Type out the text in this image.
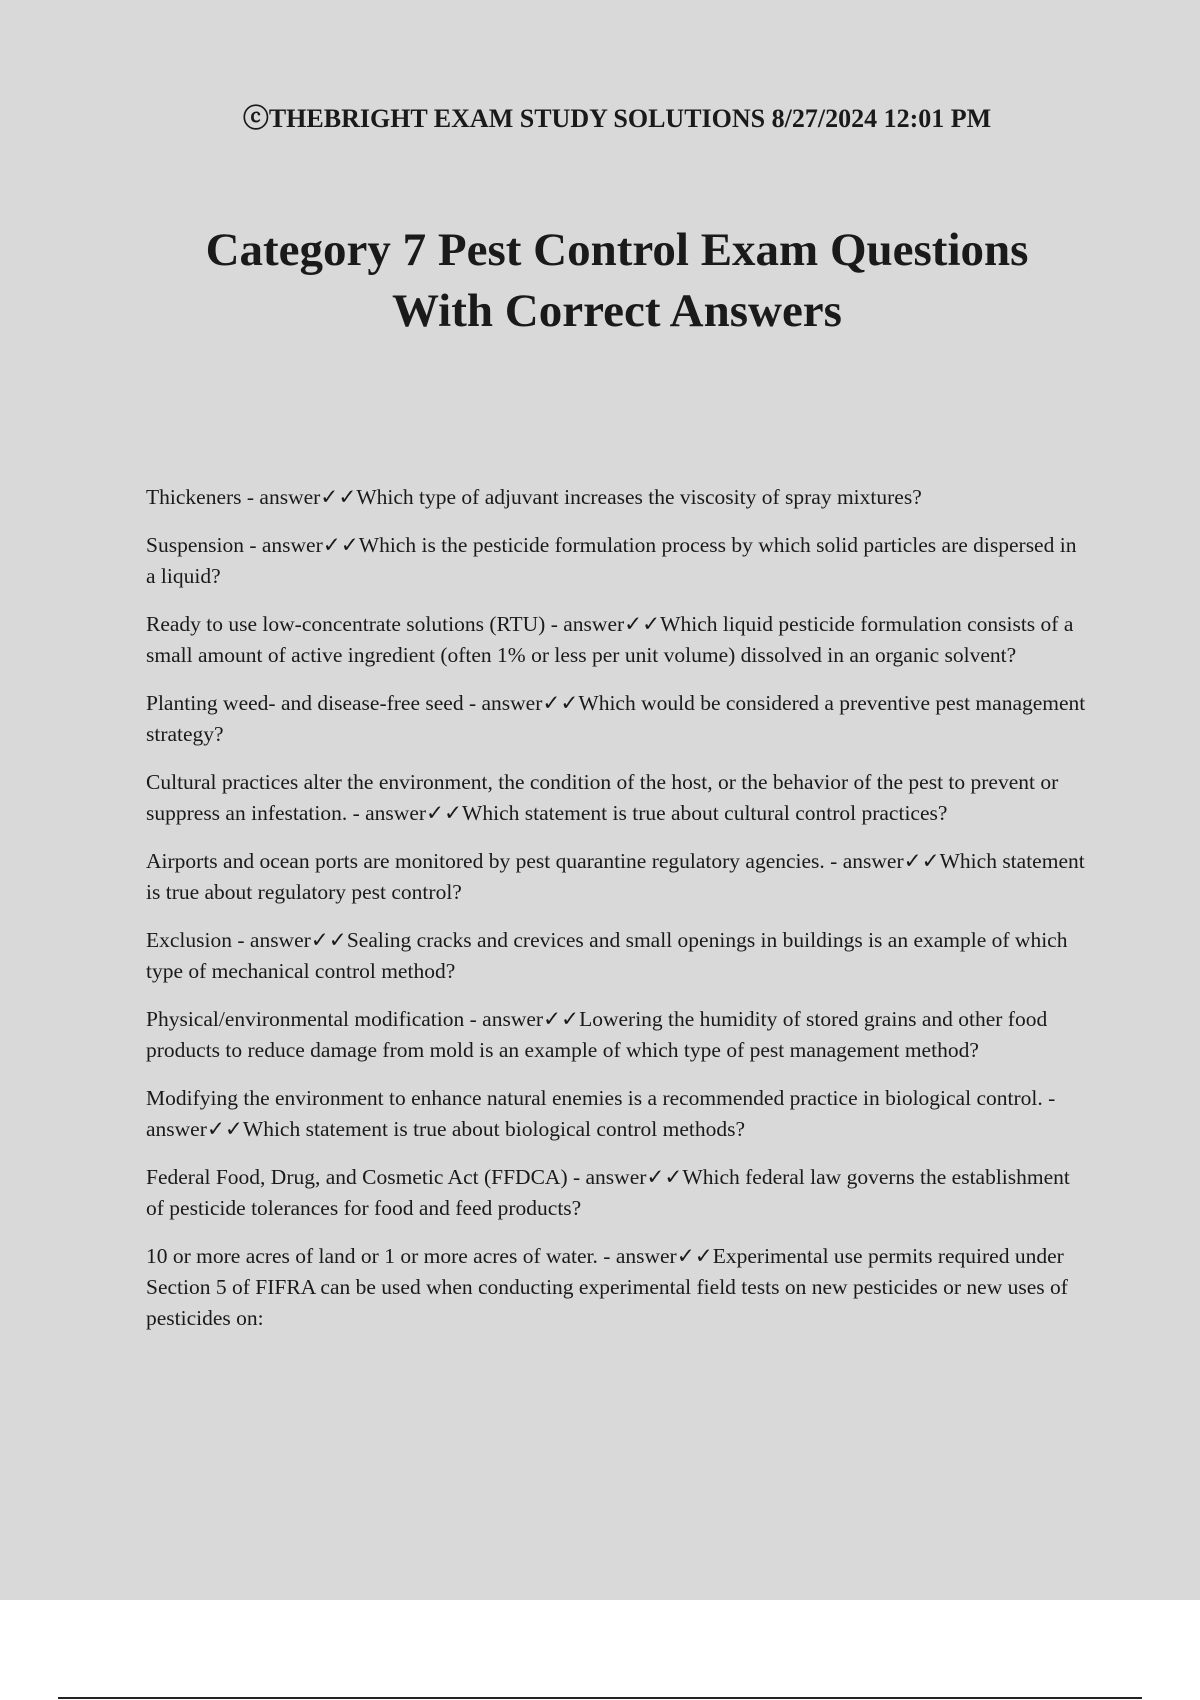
ⓒTHEBRIGHT EXAM STUDY SOLUTIONS 8/27/2024 12:01 PM
Category 7 Pest Control Exam Questions
With Correct Answers

Thickeners - answer✓✓Which type of adjuvant increases the viscosity of spray mixtures?

Suspension - answer✓✓Which is the pesticide formulation process by which solid particles are dispersed in a liquid?

Ready to use low-concentrate solutions (RTU) - answer✓✓Which liquid pesticide formulation consists of a small amount of active ingredient (often 1% or less per unit volume) dissolved in an organic solvent?

Planting weed- and disease-free seed - answer✓✓Which would be considered a preventive pest management strategy?

Cultural practices alter the environment, the condition of the host, or the behavior of the pest to prevent or suppress an infestation. - answer✓✓Which statement is true about cultural control practices?

Airports and ocean ports are monitored by pest quarantine regulatory agencies. - answer✓✓Which statement is true about regulatory pest control?

Exclusion - answer✓✓Sealing cracks and crevices and small openings in buildings is an example of which type of mechanical control method?

Physical/environmental modification - answer✓✓Lowering the humidity of stored grains and other food products to reduce damage from mold is an example of which type of pest management method?

Modifying the environment to enhance natural enemies is a recommended practice in biological control. - answer✓✓Which statement is true about biological control methods?

Federal Food, Drug, and Cosmetic Act (FFDCA) - answer✓✓Which federal law governs the establishment of pesticide tolerances for food and feed products?

10 or more acres of land or 1 or more acres of water. - answer✓✓Experimental use permits required under Section 5 of FIFRA can be used when conducting experimental field tests on new pesticides or new uses of pesticides on:
